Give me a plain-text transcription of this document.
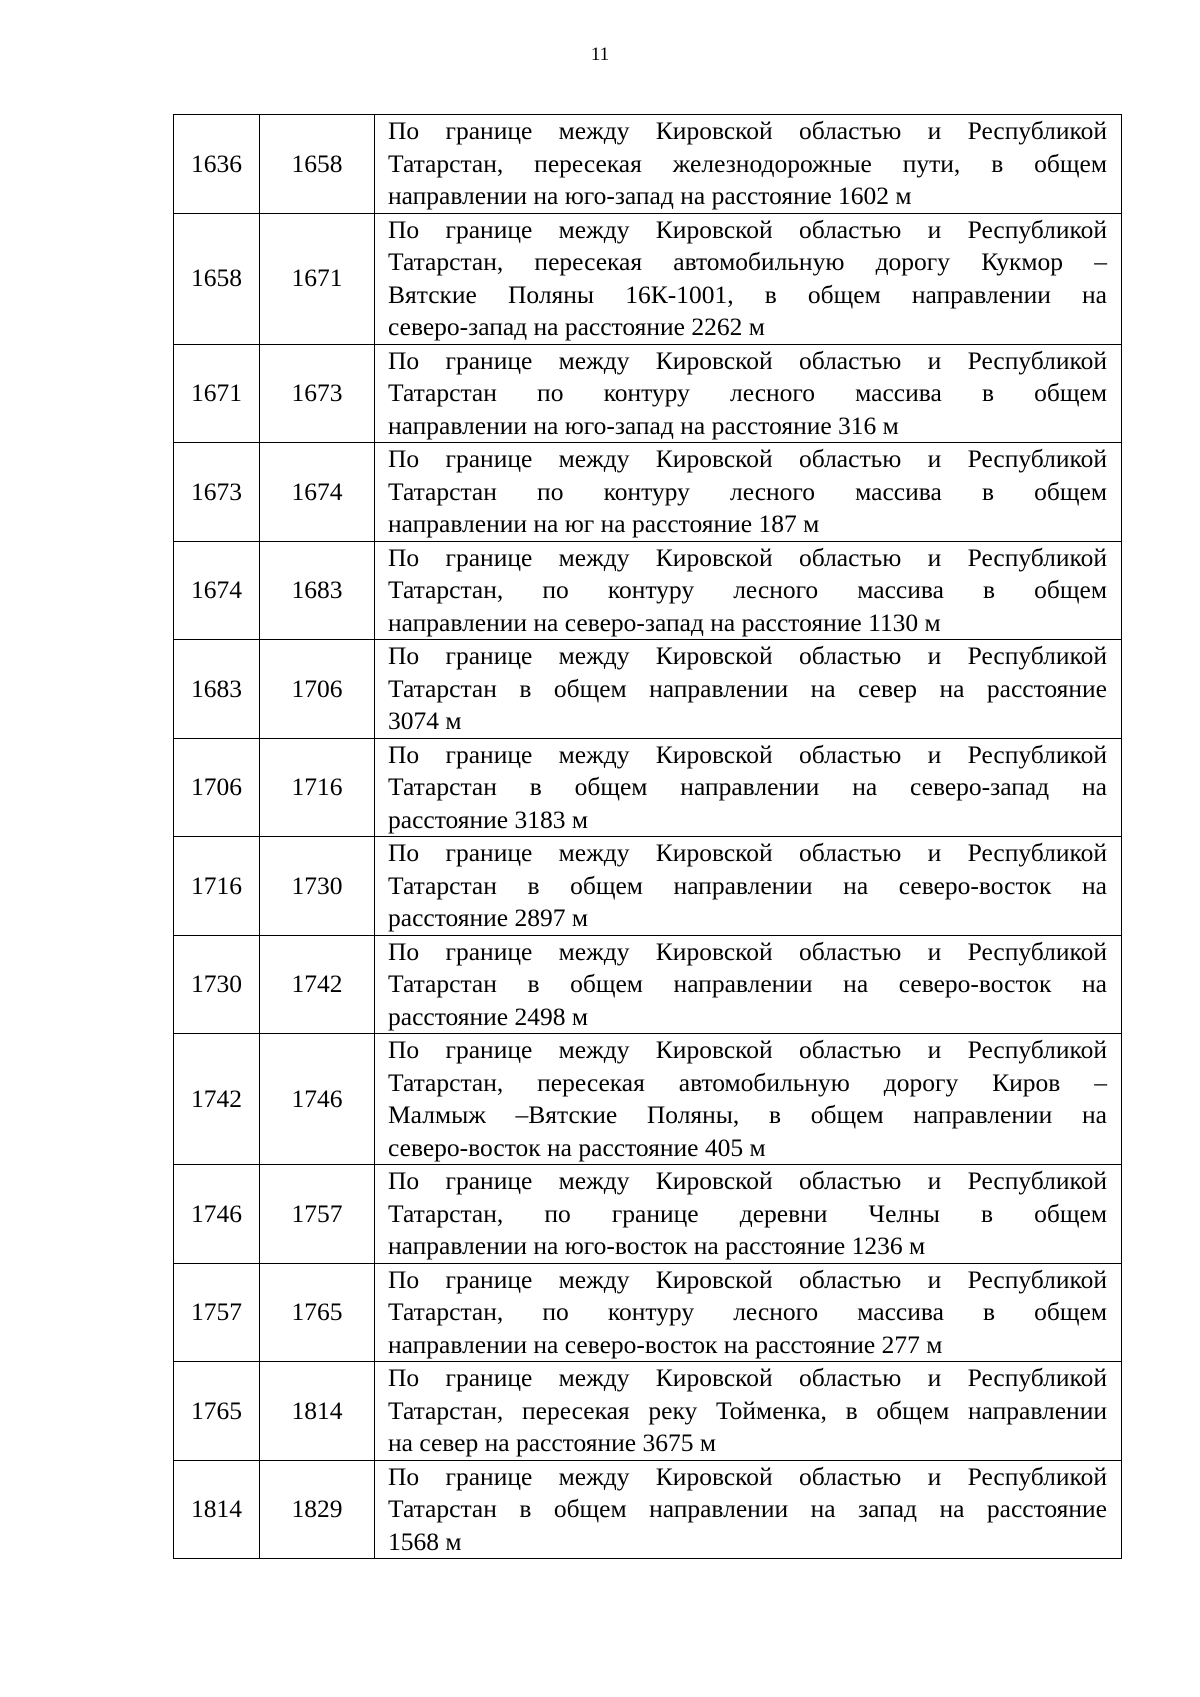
11
1636	1658	По границе между Кировской областью и Республикой
Татарстан, пересекая железнодорожные пути, в общем
направлении на юго-запад на расстояние 1602 м

1658	1671	По границе между Кировской областью и Республикой
Татарстан, пересекая автомобильную дорогу Кукмор –
Вятские Поляны 16К-1001, в общем направлении на
северо-запад на расстояние 2262 м

1671	1673	По границе между Кировской областью и Республикой
Татарстан по контуру лесного массива в общем
направлении на юго-запад на расстояние 316 м

1673	1674	По границе между Кировской областью и Республикой
Татарстан по контуру лесного массива в общем
направлении на юг на расстояние 187 м

1674	1683	По границе между Кировской областью и Республикой
Татарстан, по контуру лесного массива в общем
направлении на северо-запад на расстояние 1130 м

1683	1706	По границе между Кировской областью и Республикой
Татарстан в общем направлении на север на расстояние
3074 м

1706	1716	По границе между Кировской областью и Республикой
Татарстан в общем направлении на северо-запад на
расстояние 3183 м

1716	1730	По границе между Кировской областью и Республикой
Татарстан в общем направлении на северо-восток на
расстояние 2897 м

1730	1742	По границе между Кировской областью и Республикой
Татарстан в общем направлении на северо-восток на
расстояние 2498 м

1742	1746	По границе между Кировской областью и Республикой
Татарстан, пересекая автомобильную дорогу Киров –
Малмыж –Вятские Поляны, в общем направлении на
северо-восток на расстояние 405 м

1746	1757	По границе между Кировской областью и Республикой
Татарстан, по границе деревни Челны в общем
направлении на юго-восток на расстояние 1236 м

1757	1765	По границе между Кировской областью и Республикой
Татарстан, по контуру лесного массива в общем
направлении на северо-восток на расстояние 277 м

1765	1814	По границе между Кировской областью и Республикой
Татарстан, пересекая реку Тойменка, в общем направлении
на север на расстояние 3675 м

1814	1829	По границе между Кировской областью и Республикой
Татарстан в общем направлении на запад на расстояние
1568 м
